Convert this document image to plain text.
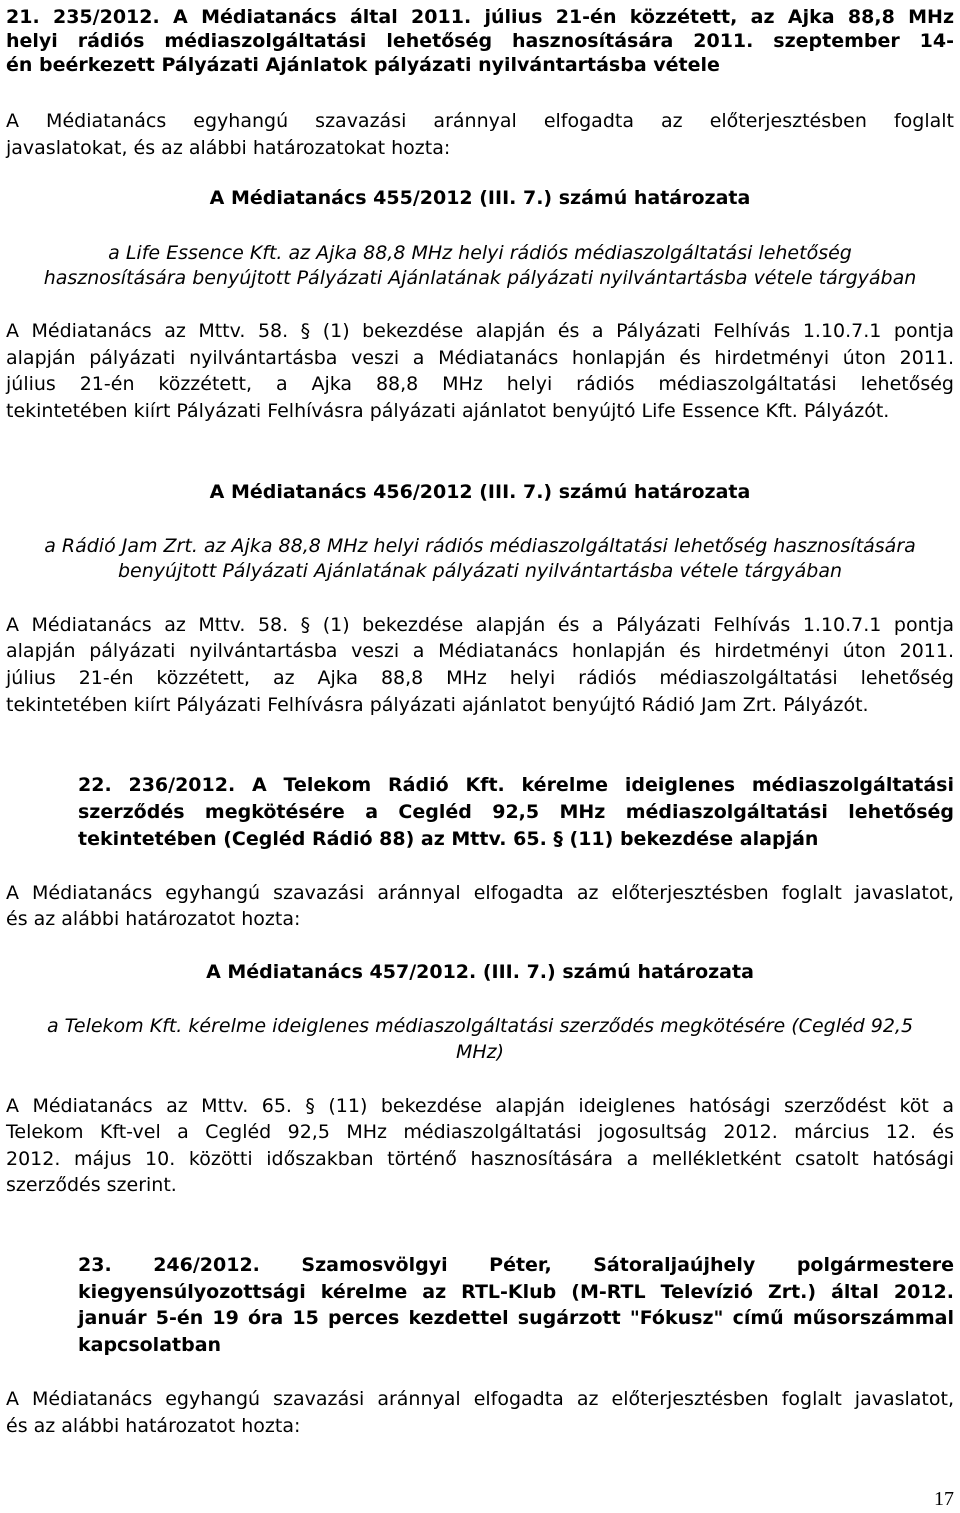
21. 235/2012. A Médiatanács által 2011. július 21-én közzétett, az Ajka 88,8 MHz
helyi rádiós médiaszolgáltatási lehetőség hasznosítására 2011. szeptember 14-
én beérkezett Pályázati Ajánlatok pályázati nyilvántartásba vétele
A Médiatanács egyhangú szavazási aránnyal elfogadta az előterjesztésben foglalt
javaslatokat, és az alábbi határozatokat hozta:
A Médiatanács 455/2012 (III. 7.) számú határozata
a Life Essence Kft. az Ajka 88,8 MHz helyi rádiós médiaszolgáltatási lehetőség
hasznosítására benyújtott Pályázati Ajánlatának pályázati nyilvántartásba vétele tárgyában
A Médiatanács az Mttv. 58. § (1) bekezdése alapján és a Pályázati Felhívás 1.10.7.1 pontja
alapján pályázati nyilvántartásba veszi a Médiatanács honlapján és hirdetményi úton 2011.
július 21-én közzétett, a Ajka 88,8 MHz helyi rádiós médiaszolgáltatási lehetőség
tekintetében kiírt Pályázati Felhívásra pályázati ajánlatot benyújtó Life Essence Kft. Pályázót.
A Médiatanács 456/2012 (III. 7.) számú határozata
a Rádió Jam Zrt. az Ajka 88,8 MHz helyi rádiós médiaszolgáltatási lehetőség hasznosítására
benyújtott Pályázati Ajánlatának pályázati nyilvántartásba vétele tárgyában
A Médiatanács az Mttv. 58. § (1) bekezdése alapján és a Pályázati Felhívás 1.10.7.1 pontja
alapján pályázati nyilvántartásba veszi a Médiatanács honlapján és hirdetményi úton 2011.
július 21-én közzétett, az Ajka 88,8 MHz helyi rádiós médiaszolgáltatási lehetőség
tekintetében kiírt Pályázati Felhívásra pályázati ajánlatot benyújtó Rádió Jam Zrt. Pályázót.
22. 236/2012. A Telekom Rádió Kft. kérelme ideiglenes médiaszolgáltatási
szerződés megkötésére a Cegléd 92,5 MHz médiaszolgáltatási lehetőség
tekintetében (Cegléd Rádió 88) az Mttv. 65. § (11) bekezdése alapján
A Médiatanács egyhangú szavazási aránnyal elfogadta az előterjesztésben foglalt javaslatot,
és az alábbi határozatot hozta:
A Médiatanács 457/2012. (III. 7.) számú határozata
a Telekom Kft. kérelme ideiglenes médiaszolgáltatási szerződés megkötésére (Cegléd 92,5
MHz)
A Médiatanács az Mttv. 65. § (11) bekezdése alapján ideiglenes hatósági szerződést köt a
Telekom Kft-vel a Cegléd 92,5 MHz médiaszolgáltatási jogosultság 2012. március 12. és
2012. május 10. közötti időszakban történő hasznosítására a mellékletként csatolt hatósági
szerződés szerint.
23. 246/2012. Szamosvölgyi Péter, Sátoraljaújhely polgármestere
kiegyensúlyozottsági kérelme az RTL-Klub (M-RTL Televízió Zrt.) által 2012.
január 5-én 19 óra 15 perces kezdettel sugárzott "Fókusz" című műsorszámmal
kapcsolatban
A Médiatanács egyhangú szavazási aránnyal elfogadta az előterjesztésben foglalt javaslatot,
és az alábbi határozatot hozta:
17
